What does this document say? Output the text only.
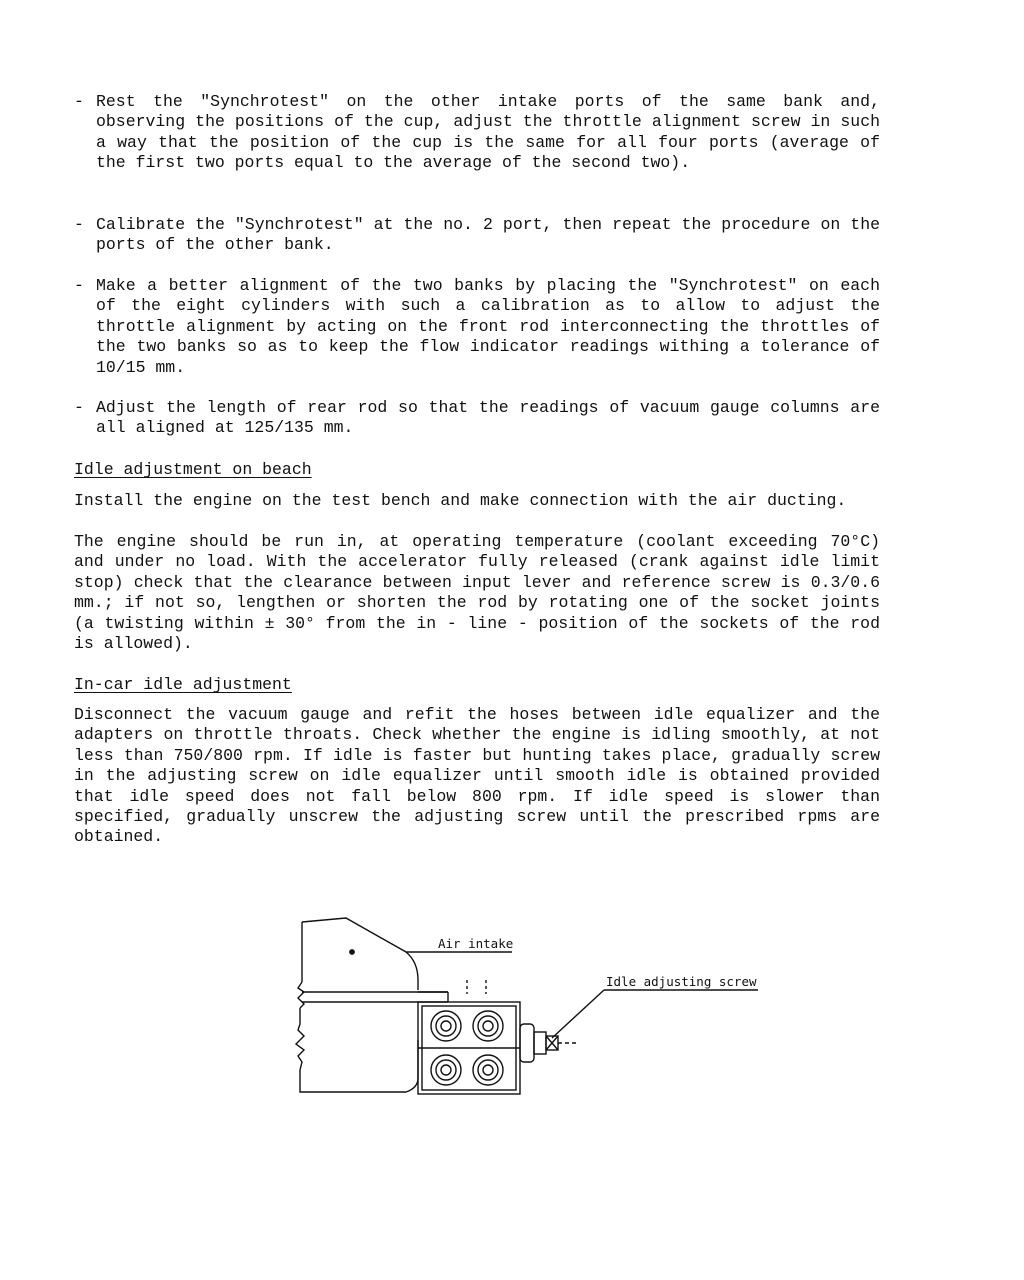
- Rest the "Synchrotest" on the other intake ports of the same bank and, observing the positions of the cup, adjust the throttle alignment screw in such a way that the position of the cup is the same for all four ports (average of the first two ports equal to the average of the second two).
- Calibrate the "Synchrotest" at the no. 2 port, then repeat the procedure on the ports of the other bank.
- Make a better alignment of the two banks by placing the "Synchrotest" on each of the eight cylinders with such a calibration as to allow to adjust the throttle alignment by acting on the front rod interconnecting the throttles of the two banks so as to keep the flow indicator readings withing a tolerance of 10/15 mm.
- Adjust the length of rear rod so that the readings of vacuum gauge columns are all aligned at 125/135 mm.
Idle adjustment on beach
Install the engine on the test bench and make connection with the air ducting.
The engine should be run in, at operating temperature (coolant exceeding 70°C) and under no load. With the accelerator fully released (crank against idle limit stop) check that the clearance between input lever and reference screw is 0.3/0.6 mm.; if not so, lengthen or shorten the rod by rotating one of the socket joints (a twisting within ± 30° from the in - line - position of the sockets of the rod is allowed).
In-car idle adjustment
Disconnect the vacuum gauge and refit the hoses between idle equalizer and the adapters on throttle throats. Check whether the engine is idling smoothly, at not less than 750/800 rpm. If idle is faster but hunting takes place, gradually screw in the adjusting screw on idle equalizer until smooth idle is obtained provided that idle speed does not fall below 800 rpm. If idle speed is slower than specified, gradually unscrew the adjusting screw until the prescribed rpms are obtained.
Air intake
Idle adjusting screw
